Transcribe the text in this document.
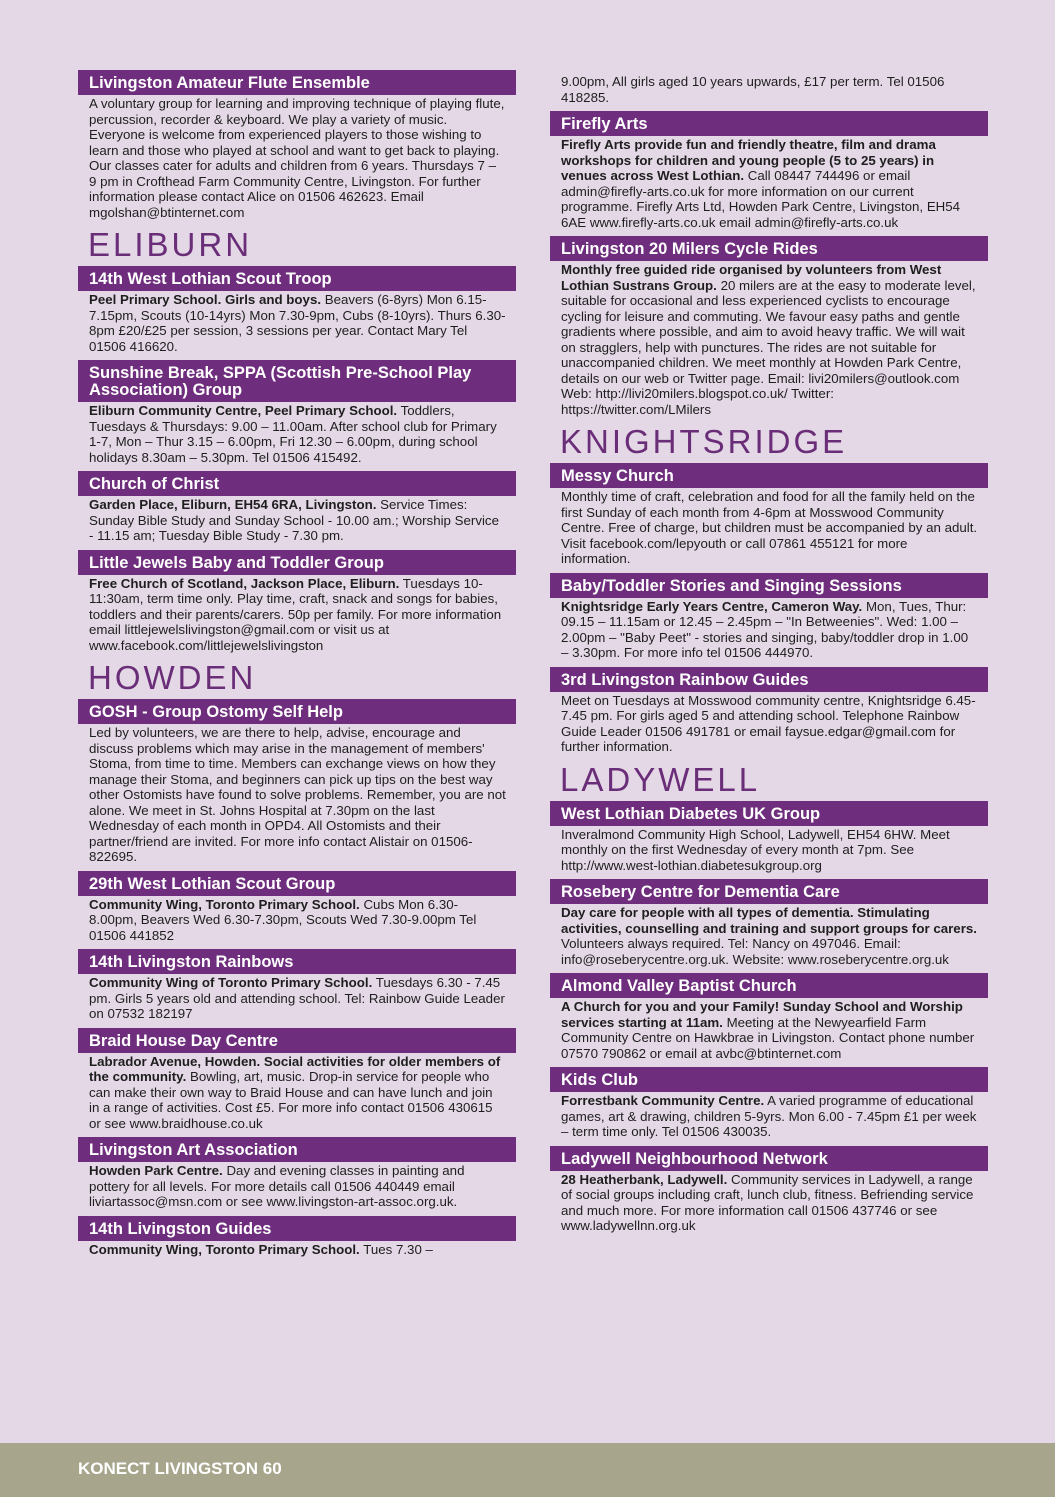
Livingston Amateur Flute Ensemble

A voluntary group for learning and improving technique of playing flute, percussion, recorder & keyboard. We play a variety of music. Everyone is welcome from experienced players to those wishing to learn and those who played at school and want to get back to playing. Our classes cater for adults and children from 6 years. Thursdays 7 – 9 pm in Crofthead Farm Community Centre, Livingston. For further information please contact Alice on 01506 462623. Email mgolshan@btinternet.com

ELIBURN
14th West Lothian Scout Troop

Peel Primary School. Girls and boys. Beavers (6-8yrs) Mon 6.15-7.15pm, Scouts (10-14yrs) Mon 7.30-9pm, Cubs (8-10yrs). Thurs 6.30-8pm £20/£25 per session, 3 sessions per year. Contact Mary Tel 01506 416620.

Sunshine Break, SPPA (Scottish Pre-School Play Association) Group

Eliburn Community Centre, Peel Primary School. Toddlers, Tuesdays & Thursdays: 9.00 – 11.00am. After school club for Primary 1-7, Mon – Thur 3.15 – 6.00pm, Fri 12.30 – 6.00pm, during school holidays 8.30am – 5.30pm. Tel 01506 415492.

Church of Christ

Garden Place, Eliburn, EH54 6RA, Livingston. Service Times: Sunday Bible Study and Sunday School - 10.00 am.; Worship Service - 11.15 am; Tuesday Bible Study - 7.30 pm.

Little Jewels Baby and Toddler Group

Free Church of Scotland, Jackson Place, Eliburn. Tuesdays 10-11:30am, term time only. Play time, craft, snack and songs for babies, toddlers and their parents/carers. 50p per family. For more information email littlejewelslivingston@gmail.com or visit us at www.facebook.com/littlejewelslivingston

HOWDEN
GOSH - Group Ostomy Self Help

Led by volunteers, we are there to help, advise, encourage and discuss problems which may arise in the management of members' Stoma, from time to time. Members can exchange views on how they manage their Stoma, and beginners can pick up tips on the best way other Ostomists have found to solve problems. Remember, you are not alone. We meet in St. Johns Hospital at 7.30pm on the last Wednesday of each month in OPD4. All Ostomists and their partner/friend are invited. For more info contact Alistair on 01506-822695.

29th West Lothian Scout Group

Community Wing, Toronto Primary School. Cubs Mon 6.30-8.00pm, Beavers Wed 6.30-7.30pm, Scouts Wed 7.30-9.00pm Tel 01506 441852

14th Livingston Rainbows

Community Wing of Toronto Primary School. Tuesdays 6.30 - 7.45 pm. Girls 5 years old and attending school. Tel: Rainbow Guide Leader on 07532 182197

Braid House Day Centre

Labrador Avenue, Howden. Social activities for older members of the community. Bowling, art, music. Drop-in service for people who can make their own way to Braid House and can have lunch and join in a range of activities. Cost £5. For more info contact 01506 430615 or see www.braidhouse.co.uk

Livingston Art Association

Howden Park Centre. Day and evening classes in painting and pottery for all levels. For more details call 01506 440449 email liviartassoc@msn.com or see www.livingston-art-assoc.org.uk.

14th Livingston Guides

Community Wing, Toronto Primary School. Tues 7.30 –

9.00pm, All girls aged 10 years upwards, £17 per term. Tel 01506 418285.

Firefly Arts

Firefly Arts provide fun and friendly theatre, film and drama workshops for children and young people (5 to 25 years) in venues across West Lothian. Call 08447 744496 or email admin@firefly-arts.co.uk for more information on our current programme. Firefly Arts Ltd, Howden Park Centre, Livingston, EH54 6AE www.firefly-arts.co.uk email admin@firefly-arts.co.uk

Livingston 20 Milers Cycle Rides

Monthly free guided ride organised by volunteers from West Lothian Sustrans Group. 20 milers are at the easy to moderate level, suitable for occasional and less experienced cyclists to encourage cycling for leisure and commuting. We favour easy paths and gentle gradients where possible, and aim to avoid heavy traffic. We will wait on stragglers, help with punctures. The rides are not suitable for unaccompanied children. We meet monthly at Howden Park Centre, details on our web or Twitter page. Email: livi20milers@outlook.com Web: http://livi20milers.blogspot.co.uk/ Twitter: https://twitter.com/LMilers

KNIGHTSRIDGE
Messy Church

Monthly time of craft, celebration and food for all the family held on the first Sunday of each month from 4-6pm at Mosswood Community Centre. Free of charge, but children must be accompanied by an adult. Visit facebook.com/lepyouth or call 07861 455121 for more information.

Baby/Toddler Stories and Singing Sessions

Knightsridge Early Years Centre, Cameron Way. Mon, Tues, Thur: 09.15 – 11.15am or 12.45 – 2.45pm – "In Betweenies". Wed: 1.00 – 2.00pm – "Baby Peet" - stories and singing, baby/toddler drop in 1.00 – 3.30pm. For more info tel 01506 444970.

3rd Livingston Rainbow Guides

Meet on Tuesdays at Mosswood community centre, Knightsridge 6.45-7.45 pm. For girls aged 5 and attending school. Telephone Rainbow Guide Leader 01506 491781 or email faysue.edgar@gmail.com for further information.

LADYWELL
West Lothian Diabetes UK Group

Inveralmond Community High School, Ladywell, EH54 6HW. Meet monthly on the first Wednesday of every month at 7pm. See http://www.west-lothian.diabetesukgroup.org

Rosebery Centre for Dementia Care

Day care for people with all types of dementia. Stimulating activities, counselling and training and support groups for carers. Volunteers always required. Tel: Nancy on 497046. Email: info@roseberycentre.org.uk. Website: www.roseberycentre.org.uk

Almond Valley Baptist Church

A Church for you and your Family! Sunday School and Worship services starting at 11am. Meeting at the Newyearfield Farm Community Centre on Hawkbrae in Livingston. Contact phone number 07570 790862 or email at avbc@btinternet.com

Kids Club

Forrestbank Community Centre. A varied programme of educational games, art & drawing, children 5-9yrs. Mon 6.00 - 7.45pm £1 per week – term time only. Tel 01506 430035.

Ladywell Neighbourhood Network

28 Heatherbank, Ladywell. Community services in Ladywell, a range of social groups including craft, lunch club, fitness. Befriending service and much more. For more information call 01506 437746 or see www.ladywellnn.org.uk

KONECT LIVINGSTON 60
